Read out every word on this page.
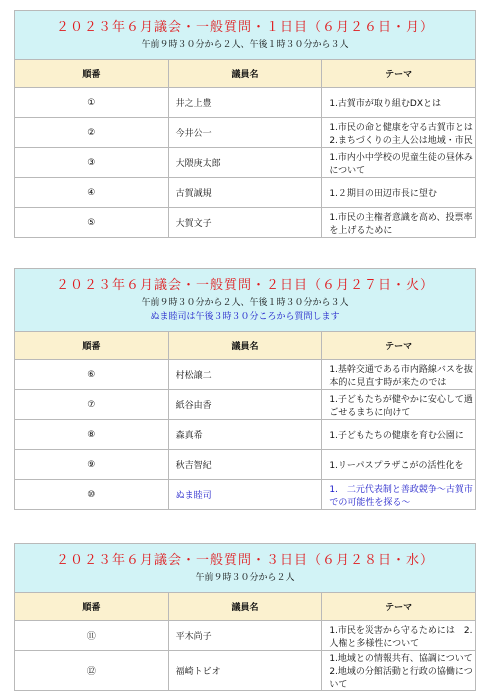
２０２３年６月議会・一般質問・１日目（６月２６日・月）
午前９時３０分から２人、午後１時３０分から３人		

順番	議員名	テーマ
①	井之上豊	1.古賀市が取り組むDXとは
②	今井公一	1.市民の命と健康を守る古賀市とは　2.まちづくりの主人公は地域・市民
③	大隈庚太郎	1.市内小中学校の児童生徒の昼休みについて
④	古賀誠規	1.２期目の田辺市長に望む
⑤	大賀文子	1.市民の主権者意識を高め、投票率を上げるために
２０２３年６月議会・一般質問・２日目（６月２７日・火）
午前９時３０分から２人、午後１時３０分から３人
ぬま睦司は午後３時３０分ころから質問します		

順番	議員名	テーマ
⑥	村松譲二	1.基幹交通である市内路線バスを抜本的に見直す時が来たのでは
⑦	紙谷由香	1.子どもたちが健やかに安心して過ごせるまちに向けて
⑧	森真希	1.子どもたちの健康を育む公園に
⑨	秋吉智紀	1.リーパスプラザこがの活性化を
⑩	ぬま睦司	1.　二元代表制と善政競争～古賀市での可能性を探る～
２０２３年６月議会・一般質問・３日目（６月２８日・水）
午前９時３０分から２人		

順番	議員名	テーマ
⑪	平木尚子	1.市民を災害から守るためには　2.人権と多様性について
⑫	福崎トビオ	1.地域との情報共有、協調について　2.地域の分館活動と行政の協働について
